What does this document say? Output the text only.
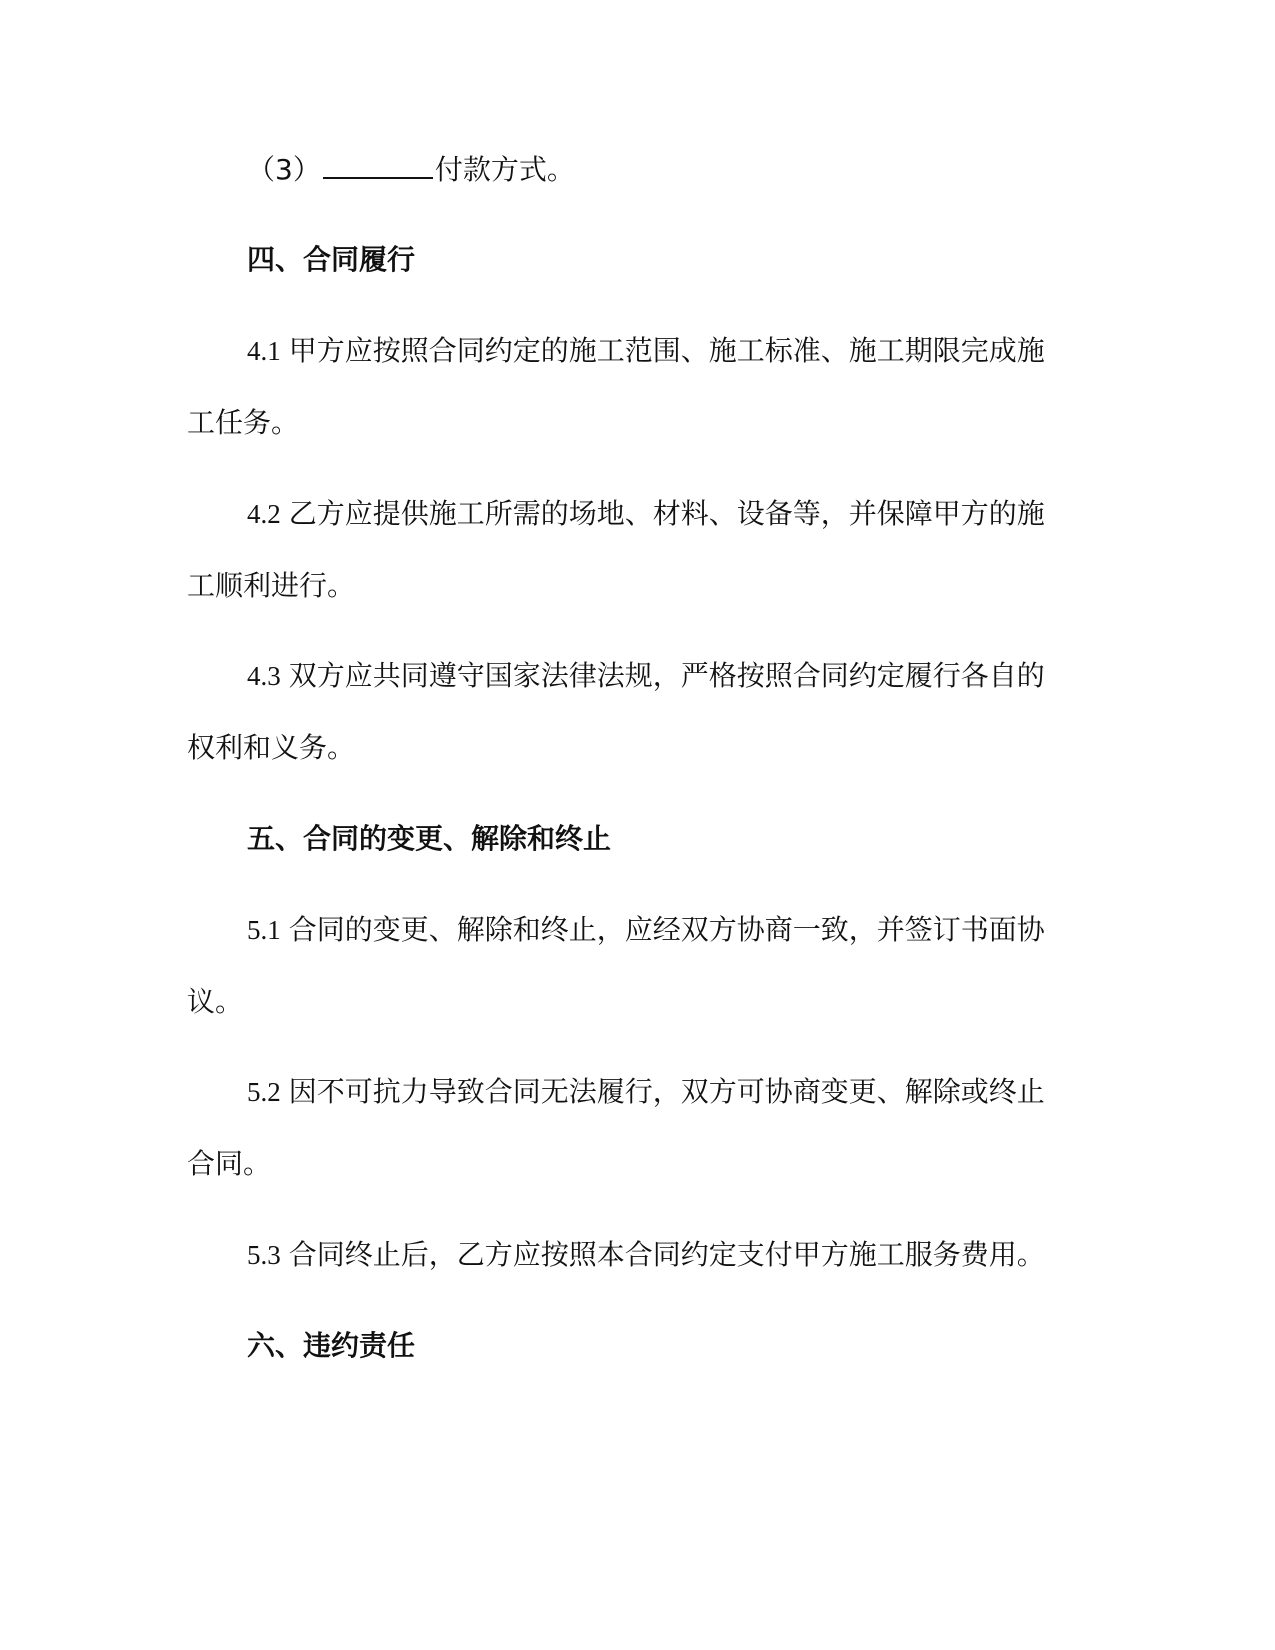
（3）	付款方式。
四、合同履行
4.1 甲方应按照合同约定的施工范围、施工标准、施工期限完成施
工任务。
4.2 乙方应提供施工所需的场地、材料、设备等，并保障甲方的施
工顺利进行。
4.3 双方应共同遵守国家法律法规，严格按照合同约定履行各自的
权利和义务。
五、合同的变更、解除和终止
5.1 合同的变更、解除和终止，应经双方协商一致，并签订书面协
议。
5.2 因不可抗力导致合同无法履行，双方可协商变更、解除或终止
合同。
5.3 合同终止后，乙方应按照本合同约定支付甲方施工服务费用。
六、违约责任
